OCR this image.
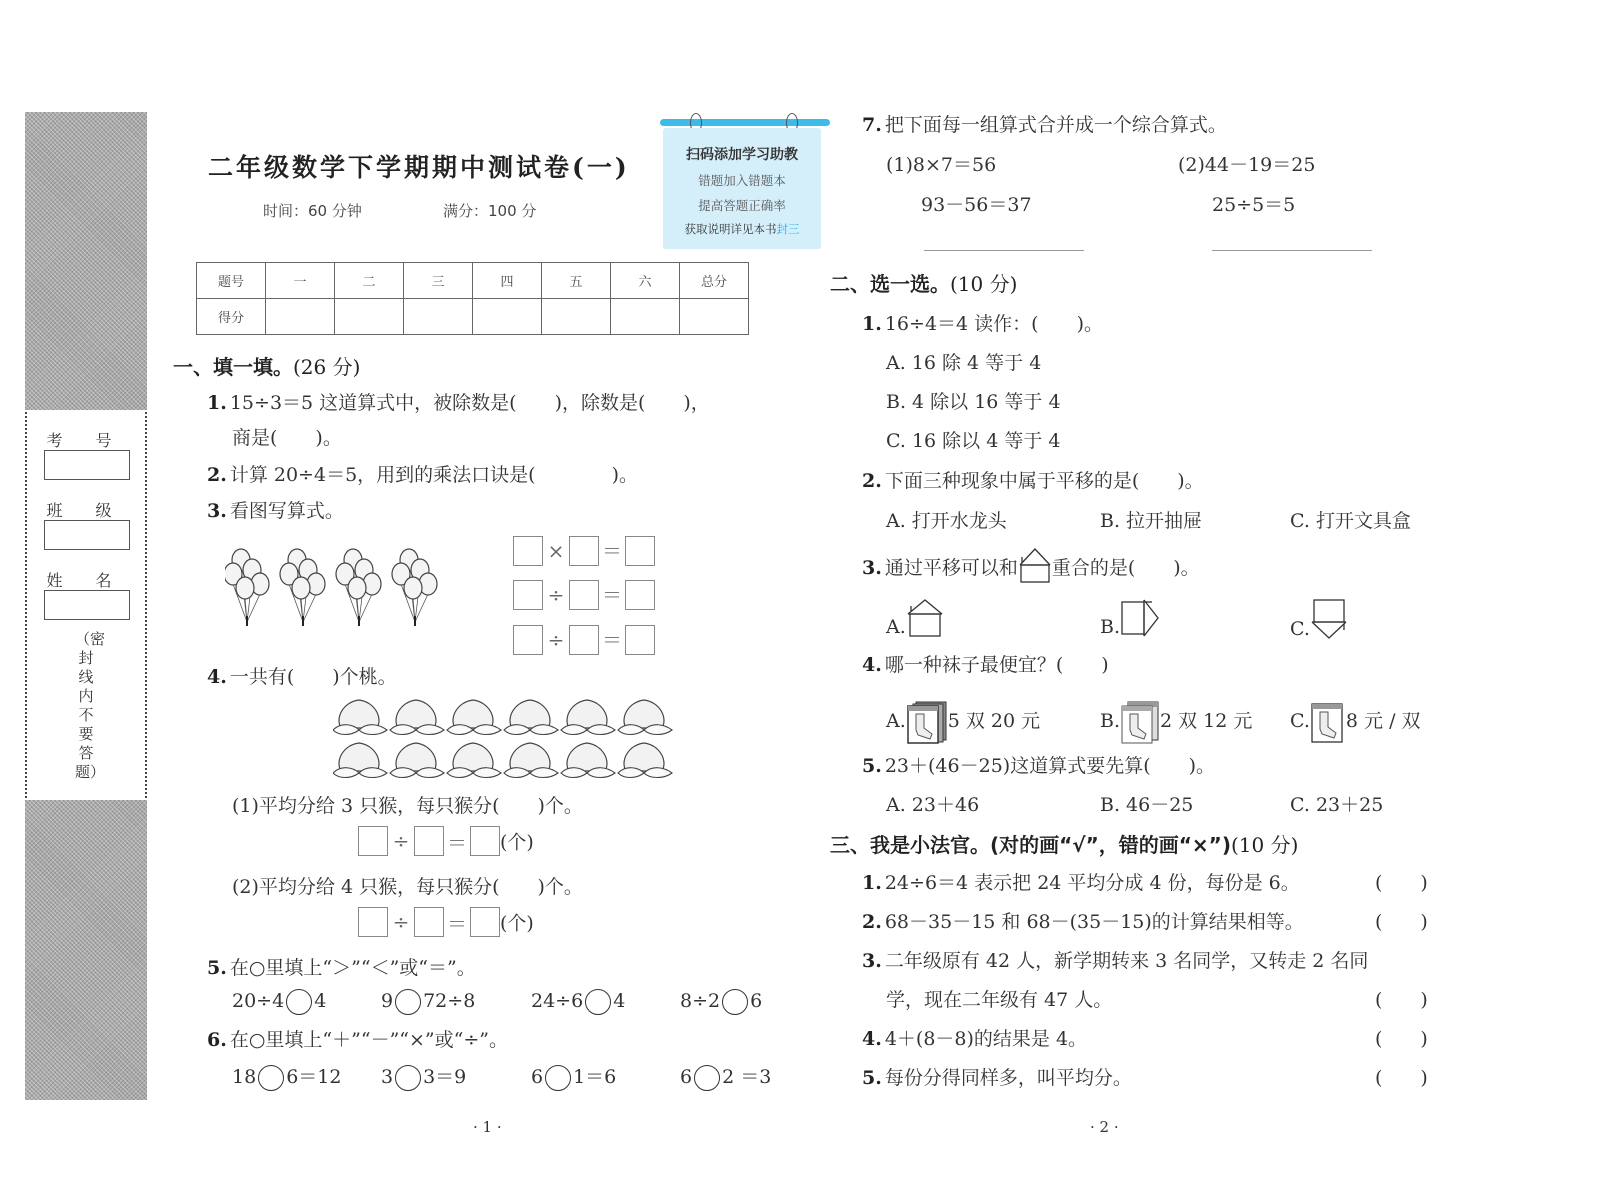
考 号
班 级
姓 名
（密封线内不要答题）
二年级数学下学期期中测试卷(一)
时间：60 分钟	满分：100 分
扫码添加学习助教
错题加入错题本
提高答题正确率
获取说明详见本书封三
题号	一	二	三	四	五	六	总分
得分							
一、填一填。(26 分)
1. 15÷3＝5 这道算式中，被除数是(　　)，除数是(　　)，
商是(　　)。
2. 计算 20÷4＝5，用到的乘法口诀是(　　　　)。
3. 看图写算式。
× ＝
÷ ＝
÷ ＝
4. 一共有(　　)个桃。
(1)平均分给 3 只猴，每只猴分(　　)个。
÷ ＝ (个)
(2)平均分给 4 只猴，每只猴分(　　)个。
÷ ＝ (个)
5. 在○里填上“＞”“＜”或“＝”。
20÷4 4	9 72÷8	24÷6 4	8÷2 6
6. 在○里填上“＋”“－”“×”或“÷”。
18 6＝12 3 3＝9	6 1＝6	6 2 ＝3
· 1 ·
7. 把下面每一组算式合并成一个综合算式。
(1)8×7＝56
93－56＝37
(2)44－19＝25
25÷5＝5
二、选一选。(10 分)
1. 16÷4＝4 读作：(　　)。
A. 16 除 4 等于 4
B. 4 除以 16 等于 4
C. 16 除以 4 等于 4
2. 下面三种现象中属于平移的是(　　)。
A. 打开水龙头	B. 拉开抽屉	C. 打开文具盒
3. 通过平移可以和 重合的是(　　)。
A.	B.	C.
4. 哪一种袜子最便宜？(　　)
A. 5 双 20 元	B. 2 双 12 元 C. 8 元 / 双
5. 23＋(46－25)这道算式要先算(　　)。
A. 23＋46	B. 46－25	C. 23＋25
三、我是小法官。(对的画“√”，错的画“×”)(10 分)
1. 24÷6＝4 表示把 24 平均分成 4 份，每份是 6。	(　　)
2. 68－35－15 和 68－(35－15)的计算结果相等。	(　　)
3. 二年级原有 42 人，新学期转来 3 名同学，又转走 2 名同
学，现在二年级有 47 人。	(　　)
4. 4＋(8－8)的结果是 4。	(　　)
5. 每份分得同样多，叫平均分。	(　　)
· 2 ·
